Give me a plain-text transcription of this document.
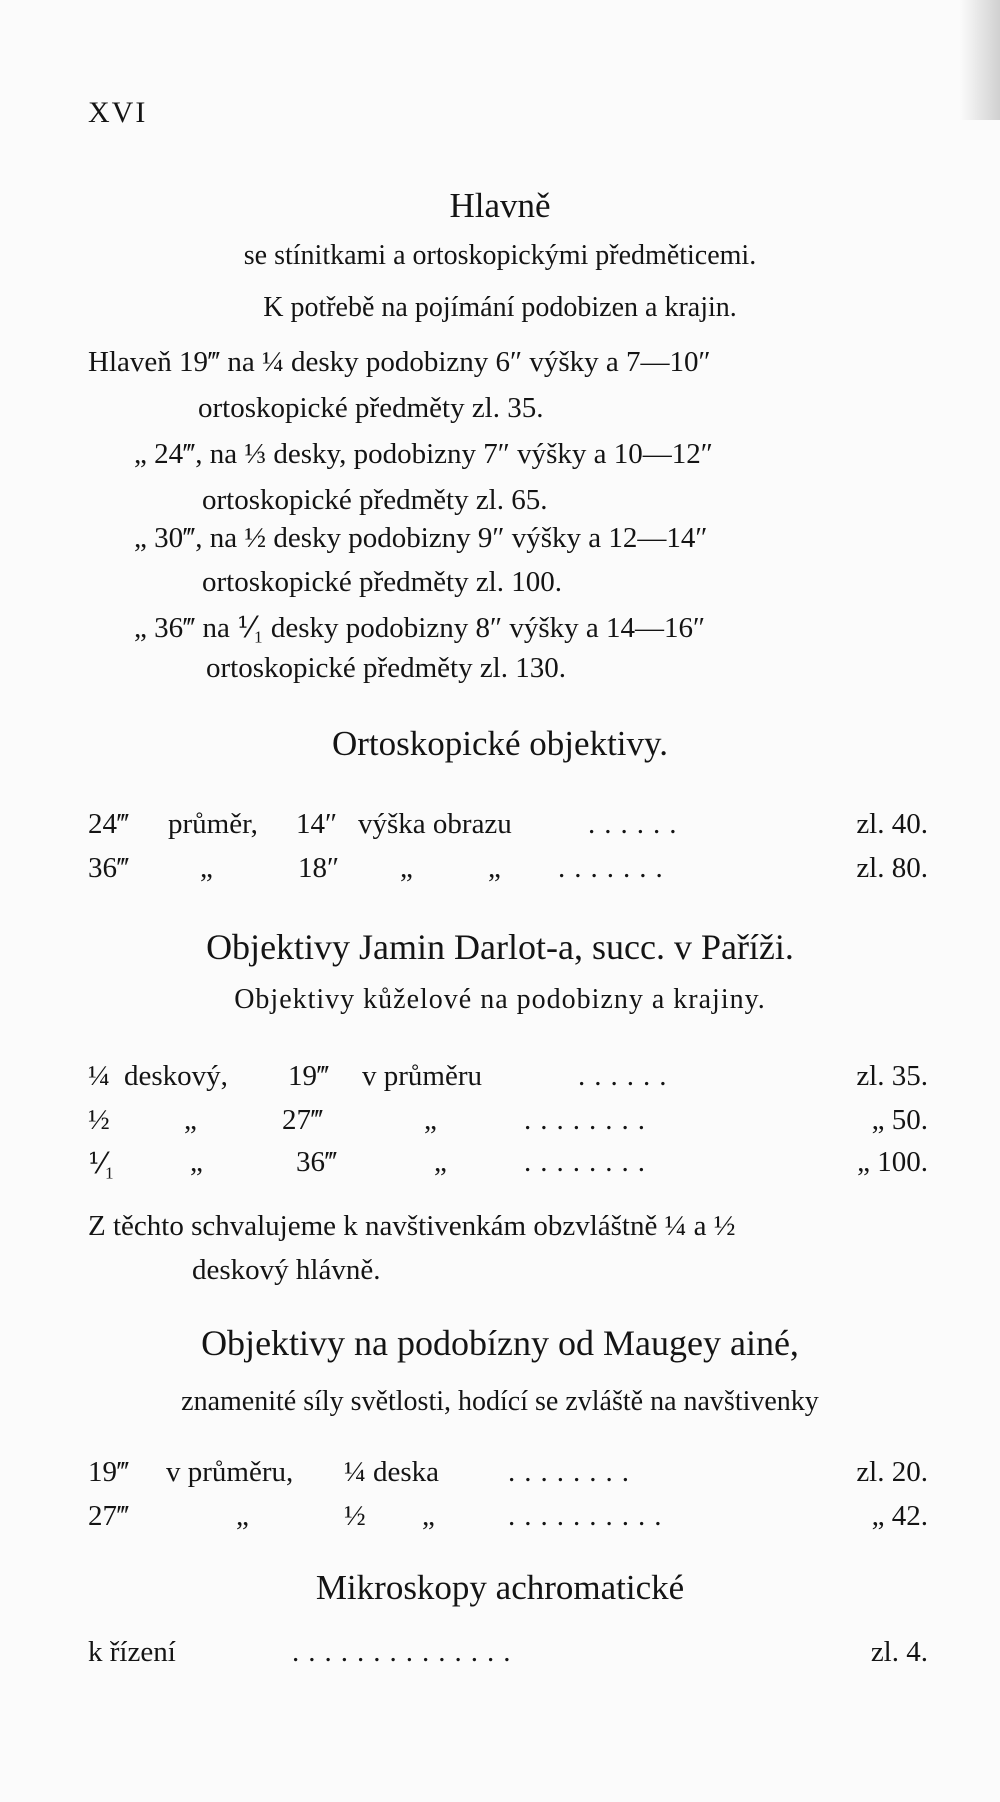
XVI
Hlavně
se stínitkami a ortoskopickými předměticemi.
K potřebě na pojímání podobizen a krajin.
Hlaveň 19‴ na ¼ desky podobizny 6″ výšky a 7—10″
ortoskopické předměty zl. 35.
„ 24‴, na ⅓ desky, podobizny 7″ výšky a 10—12″
ortoskopické předměty zl. 65.
„ 30‴, na ½ desky podobizny 9″ výšky a 12—14″
ortoskopické předměty zl. 100.
„ 36‴ na ⅟₁ desky podobizny 8″ výšky a 14—16″
ortoskopické předměty zl. 130.
Ortoskopické objektivy.
24‴ průměr, 14″ výška obrazu	......	zl. 40.
36‴ „	18″ „	„ .......	zl. 80.
Objektivy Jamin Darlot-a, succ. v Paříži.
Objektivy kůželové na podobizny a krajiny.
¼ deskový, 19‴ v průměru	......	zl. 35.
½	„	27‴	„	........	„ 50.
⅟₁	„	36‴	„	........	„ 100.
Z těchto schvalujeme k navštivenkám obzvláštně ¼ a ½
deskový hlávně.
Objektivy na podobízny od Maugey ainé,
znamenité síly světlosti, hodící se zvláště na navštivenky
19‴ v průměru, ¼ deska ........	zl. 20.
27‴	„	½ „	..........	„ 42.
Mikroskopy achromatické
k řízení	..............	zl. 4.
